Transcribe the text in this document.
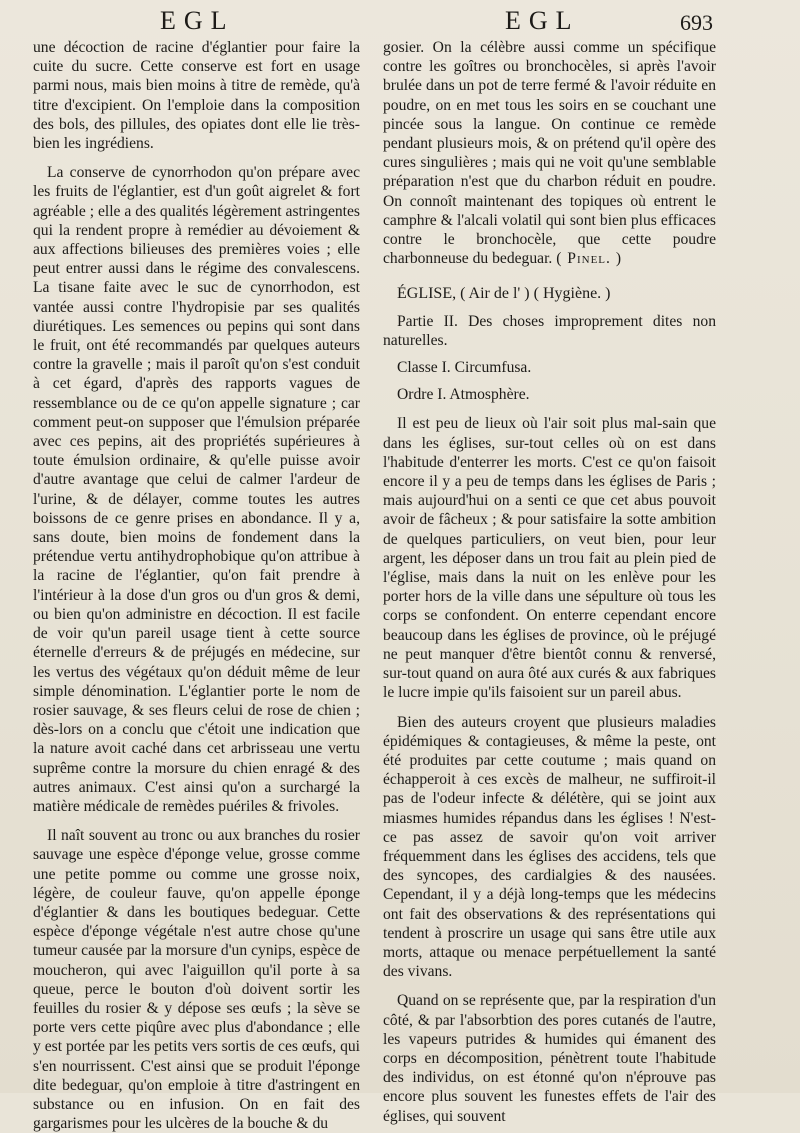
EGL	EGL	693

une décoction de racine d'églantier pour faire la cuite du sucre. Cette conserve est fort en usage parmi nous, mais bien moins à titre de remède, qu'à titre d'excipient. On l'emploie dans la composition des bols, des pillules, des opiates dont elle lie très-bien les ingrédiens.

La conserve de cynorrhodon qu'on prépare avec les fruits de l'églantier, est d'un goût aigrelet & fort agréable ; elle a des qualités légèrement astringentes qui la rendent propre à remédier au dévoiement & aux affections bilieuses des premières voies ; elle peut entrer aussi dans le régime des convalescens. La tisane faite avec le suc de cynorrhodon, est vantée aussi contre l'hydropisie par ses qualités diurétiques. Les semences ou pepins qui sont dans le fruit, ont été recommandés par quelques auteurs contre la gravelle ; mais il paroît qu'on s'est conduit à cet égard, d'après des rapports vagues de ressemblance ou de ce qu'on appelle signature ; car comment peut-on supposer que l'émulsion préparée avec ces pepins, ait des propriétés supérieures à toute émulsion ordinaire, & qu'elle puisse avoir d'autre avantage que celui de calmer l'ardeur de l'urine, & de délayer, comme toutes les autres boissons de ce genre prises en abondance. Il y a, sans doute, bien moins de fondement dans la prétendue vertu antihydrophobique qu'on attribue à la racine de l'églantier, qu'on fait prendre à l'intérieur à la dose d'un gros ou d'un gros & demi, ou bien qu'on administre en décoction. Il est facile de voir qu'un pareil usage tient à cette source éternelle d'erreurs & de préjugés en médecine, sur les vertus des végétaux qu'on déduit même de leur simple dénomination. L'églantier porte le nom de rosier sauvage, & ses fleurs celui de rose de chien ; dès-lors on a conclu que c'étoit une indication que la nature avoit caché dans cet arbrisseau une vertu suprême contre la morsure du chien enragé & des autres animaux. C'est ainsi qu'on a surchargé la matière médicale de remèdes puériles & frivoles.

Il naît souvent au tronc ou aux branches du rosier sauvage une espèce d'éponge velue, grosse comme une petite pomme ou comme une grosse noix, légère, de couleur fauve, qu'on appelle éponge d'églantier & dans les boutiques bedeguar. Cette espèce d'éponge végétale n'est autre chose qu'une tumeur causée par la morsure d'un cynips, espèce de moucheron, qui avec l'aiguillon qu'il porte à sa queue, perce le bouton d'où doivent sortir les feuilles du rosier & y dépose ses œufs ; la sève se porte vers cette piqûre avec plus d'abondance ; elle y est portée par les petits vers sortis de ces œufs, qui s'en nourrissent. C'est ainsi que se produit l'éponge dite bedeguar, qu'on emploie à titre d'astringent en substance ou en infusion. On en fait des gargarismes pour les ulcères de la bouche & du

gosier. On la célèbre aussi comme un spécifique contre les goîtres ou bronchocèles, si après l'avoir brulée dans un pot de terre fermé & l'avoir réduite en poudre, on en met tous les soirs en se couchant une pincée sous la langue. On continue ce remède pendant plusieurs mois, & on prétend qu'il opère des cures singulières ; mais qui ne voit qu'une semblable préparation n'est que du charbon réduit en poudre. On connoît maintenant des topiques où entrent le camphre & l'alcali volatil qui sont bien plus efficaces contre le bronchocèle, que cette poudre charbonneuse du bedeguar. ( Pinel. )

ÉGLISE, ( Air de l' ) ( Hygiène. )

Partie II. Des choses improprement dites non naturelles.

Classe I. Circumfusa.

Ordre I. Atmosphère.

Il est peu de lieux où l'air soit plus mal-sain que dans les églises, sur-tout celles où on est dans l'habitude d'enterrer les morts. C'est ce qu'on faisoit encore il y a peu de temps dans les églises de Paris ; mais aujourd'hui on a senti ce que cet abus pouvoit avoir de fâcheux ; & pour satisfaire la sotte ambition de quelques particuliers, on veut bien, pour leur argent, les déposer dans un trou fait au plein pied de l'église, mais dans la nuit on les enlève pour les porter hors de la ville dans une sépulture où tous les corps se confondent. On enterre cependant encore beaucoup dans les églises de province, où le préjugé ne peut manquer d'être bientôt connu & renversé, sur-tout quand on aura ôté aux curés & aux fabriques le lucre impie qu'ils faisoient sur un pareil abus.

Bien des auteurs croyent que plusieurs maladies épidémiques & contagieuses, & même la peste, ont été produites par cette coutume ; mais quand on échapperoit à ces excès de malheur, ne suffiroit-il pas de l'odeur infecte & délétère, qui se joint aux miasmes humides répandus dans les églises ! N'est-ce pas assez de savoir qu'on voit arriver fréquemment dans les églises des accidens, tels que des syncopes, des cardialgies & des nausées. Cependant, il y a déjà long-temps que les médecins ont fait des observations & des représentations qui tendent à proscrire un usage qui sans être utile aux morts, attaque ou menace perpétuellement la santé des vivans.

Quand on se représente que, par la respiration d'un côté, & par l'absorbtion des pores cutanés de l'autre, les vapeurs putrides & humides qui émanent des corps en décomposition, pénètrent toute l'habitude des individus, on est étonné qu'on n'éprouve pas encore plus souvent les funestes effets de l'air des églises, qui souvent
